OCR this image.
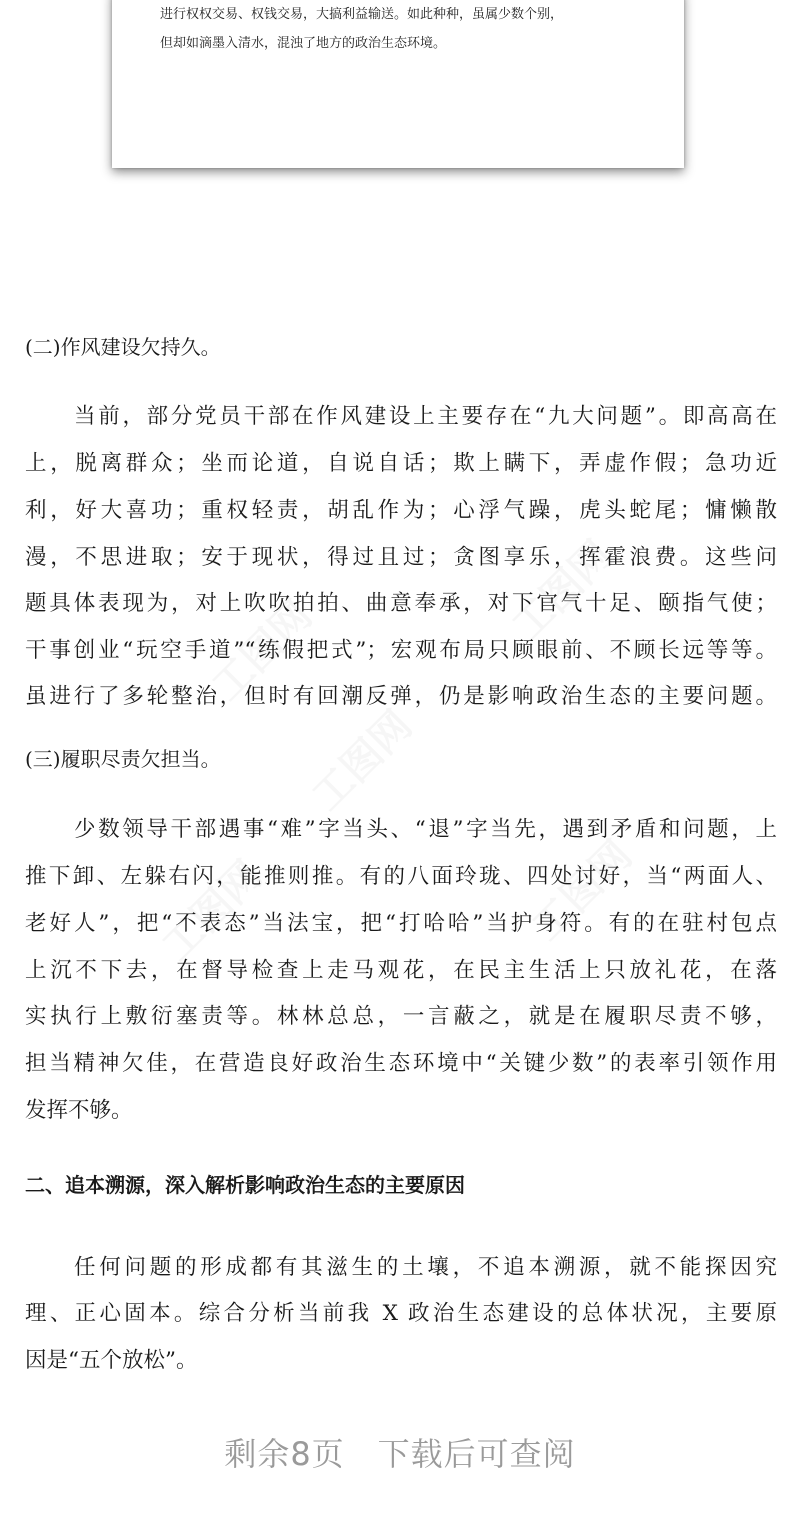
进行权权交易、权钱交易，大搞利益输送。如此种种，虽属少数个别，
但却如滴墨入清水，混浊了地方的政治生态环境。
(二)作风建设欠持久。
当前，部分党员干部在作风建设上主要存在“九大问题”。即高高在
上，脱离群众；坐而论道，自说自话；欺上瞒下，弄虚作假；急功近
利，好大喜功；重权轻责，胡乱作为；心浮气躁，虎头蛇尾；慵懒散
漫，不思进取；安于现状，得过且过；贪图享乐，挥霍浪费。这些问
题具体表现为，对上吹吹拍拍、曲意奉承，对下官气十足、颐指气使；
干事创业“玩空手道”“练假把式”；宏观布局只顾眼前、不顾长远等等。
虽进行了多轮整治，但时有回潮反弹，仍是影响政治生态的主要问题。
(三)履职尽责欠担当。
少数领导干部遇事“难”字当头、“退”字当先，遇到矛盾和问题，上
推下卸、左躲右闪，能推则推。有的八面玲珑、四处讨好，当“两面人、
老好人”，把“不表态”当法宝，把“打哈哈”当护身符。有的在驻村包点
上沉不下去，在督导检查上走马观花，在民主生活上只放礼花，在落
实执行上敷衍塞责等。林林总总，一言蔽之，就是在履职尽责不够，
担当精神欠佳，在营造良好政治生态环境中“关键少数”的表率引领作用
发挥不够。
二、追本溯源，深入解析影响政治生态的主要原因
任何问题的形成都有其滋生的土壤，不追本溯源，就不能探因究
理、正心固本。综合分析当前我 X 政治生态建设的总体状况，主要原
因是“五个放松”。
剩余8页　下载后可查阅
